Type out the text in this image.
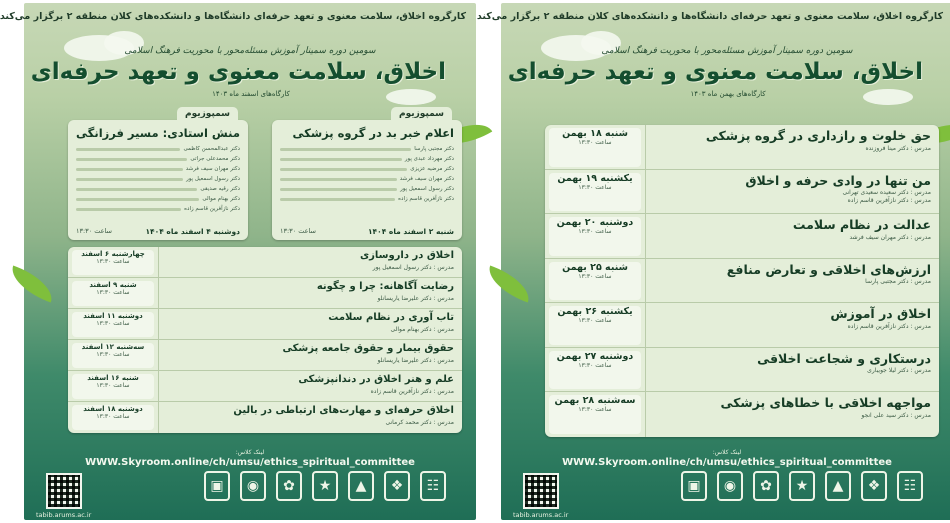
کارگروه اخلاق، سلامت معنوی و تعهد حرفه‌ای دانشگاه‌ها و دانشکده‌های کلان منطقه ۲ برگزار می‌کند
سومین دوره سمینار آموزش مسئله‌محور با محوریت فرهنگ اسلامی
اخلاق، سلامت معنوی و تعهد حرفه‌ای
کارگاه‌های اسفند ماه ۱۴۰۳
سمپوزیوم
اعلام خبر بد در گروه پزشکی
دکتر مجتبی پارسا
دکتر مهرداد عبدی پور
دکتر مرضیه عزیزی
دکتر مهران سیف فرشد
دکتر رسول اسمعیل پور
دکتر نازآفرین قاسم زاده
شنبه ۲ اسفند ماه ۱۴۰۴
ساعت ۱۳:۳۰
سمپوزیوم
منش استادی: مسیر فرزانگی
دکتر عبدالمحسن کاظمی
دکتر محمدعلی جراتی
دکتر مهران سیف فرشد
دکتر رسول اسمعیل پور
دکتر رقیه صدیقی
دکتر بهنام موالی
دکتر نازآفرین قاسم زاده
دوشنبه ۴ اسفند ماه ۱۴۰۴
ساعت ۱۳:۳۰
اخلاق در داروسازی
مدرس : دکتر رسول اسمعیل پور
چهارشنبه ۶ اسفند
ساعت ۱۳:۳۰
رضایت آگاهانه: چرا و چگونه
مدرس : دکتر علیرضا یاریسانلو
شنبه ۹ اسفند
ساعت ۱۳:۳۰
تاب آوری در نظام سلامت
مدرس : دکتر بهنام موالی
دوشنبه ۱۱ اسفند
ساعت ۱۳:۳۰
حقوق بیمار و حقوق جامعه پزشکی
مدرس : دکتر علیرضا یاریسانلو
سه‌شنبه ۱۲ اسفند
ساعت ۱۳:۳۰
علم و هنر اخلاق در دندانپزشکی
مدرس : دکتر نازآفرین قاسم زاده
شنبه ۱۶ اسفند
ساعت ۱۳:۳۰
اخلاق حرفه‌ای و مهارت‌های ارتباطی در بالین
مدرس : دکتر محمد کرمانی
دوشنبه ۱۸ اسفند
ساعت ۱۳:۳۰
لینک کلاس:
WWW.Skyroom.online/ch/umsu/ethics_spiritual_committee
tabib.arums.ac.ir
☷
❖
▲
★
✿
◉
▣
کارگروه اخلاق، سلامت معنوی و تعهد حرفه‌ای دانشگاه‌ها و دانشکده‌های کلان منطقه ۲ برگزار می‌کند
سومین دوره سمینار آموزش مسئله‌محور با محوریت فرهنگ اسلامی
اخلاق، سلامت معنوی و تعهد حرفه‌ای
کارگاه‌های بهمن ماه ۱۴۰۳
حق خلوت و رازداری در گروه پزشکی
مدرس : دکتر مینا فروزنده
شنبه ۱۸ بهمن
ساعت ۱۳:۳۰
من تنها در وادی حرفه و اخلاق
مدرس : دکتر سعیده سعیدی تهرانی
مدرس : دکتر نازآفرین قاسم زاده
یکشنبه ۱۹ بهمن
ساعت ۱۳:۳۰
عدالت در نظام سلامت
مدرس : دکتر مهران سیف فرشد
دوشنبه ۲۰ بهمن
ساعت ۱۳:۳۰
ارزش‌های اخلاقی و تعارض منافع
مدرس : دکتر مجتبی پارسا
شنبه ۲۵ بهمن
ساعت ۱۳:۳۰
اخلاق در آموزش
مدرس : دکتر نازآفرین قاسم زاده
یکشنبه ۲۶ بهمن
ساعت ۱۳:۳۰
درستکاری و شجاعت اخلاقی
مدرس : دکتر لیلا جویباری
دوشنبه ۲۷ بهمن
ساعت ۱۳:۳۰
مواجهه اخلاقی با خطاهای پزشکی
مدرس : دکتر سید علی انجو
سه‌شنبه ۲۸ بهمن
ساعت ۱۳:۳۰
لینک کلاس:
WWW.Skyroom.online/ch/umsu/ethics_spiritual_committee
tabib.arums.ac.ir
☷
❖
▲
★
✿
◉
▣
